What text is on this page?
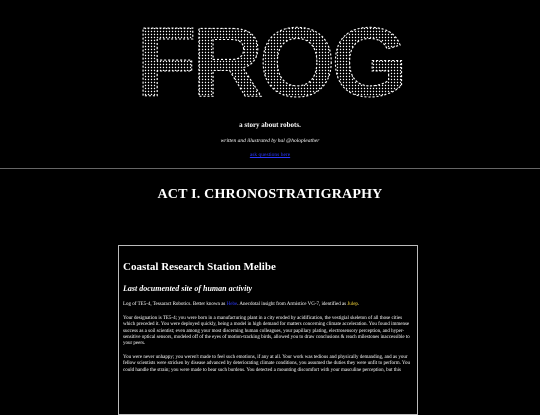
FROG
a story about robots.
written and illustrated by hal @holopleather
ask questions here
ACT I. CHRONOSTRATIGRAPHY
Coastal Research Station Melibe
Last documented site of human activity

Log of TE5-4, Tessaract Robotics. Better known as Hebe. Anecdotal insight from Armistice VG-7, identified as Julep.

Your designation is TE5-4; you were born in a manufacturing plant in a city eroded by acidification, the vestigial skeleton of all those cities which preceded it. You were deployed quickly, being a model in high demand for matters concerning climate acceleration. You found immense success as a soil scientist; even among your most discerning human colleagues, your papillary plating, electrosensory perception, and hyper-sensitive optical sensors, modeled off of the eyes of motion-tracking birds, allowed you to draw conclusions & reach milestones inaccessible to your peers.

You were never unhappy; you weren't made to feel such emotions, if any at all. Your work was tedious and physically demanding, and as your fellow scientists were stricken by disease advanced by deteriorating climate conditions, you assumed the duties they were unfit to perform. You could handle the strain; you were made to bear such burdens. You detected a mounting discomfort with your masculine perception, but this
